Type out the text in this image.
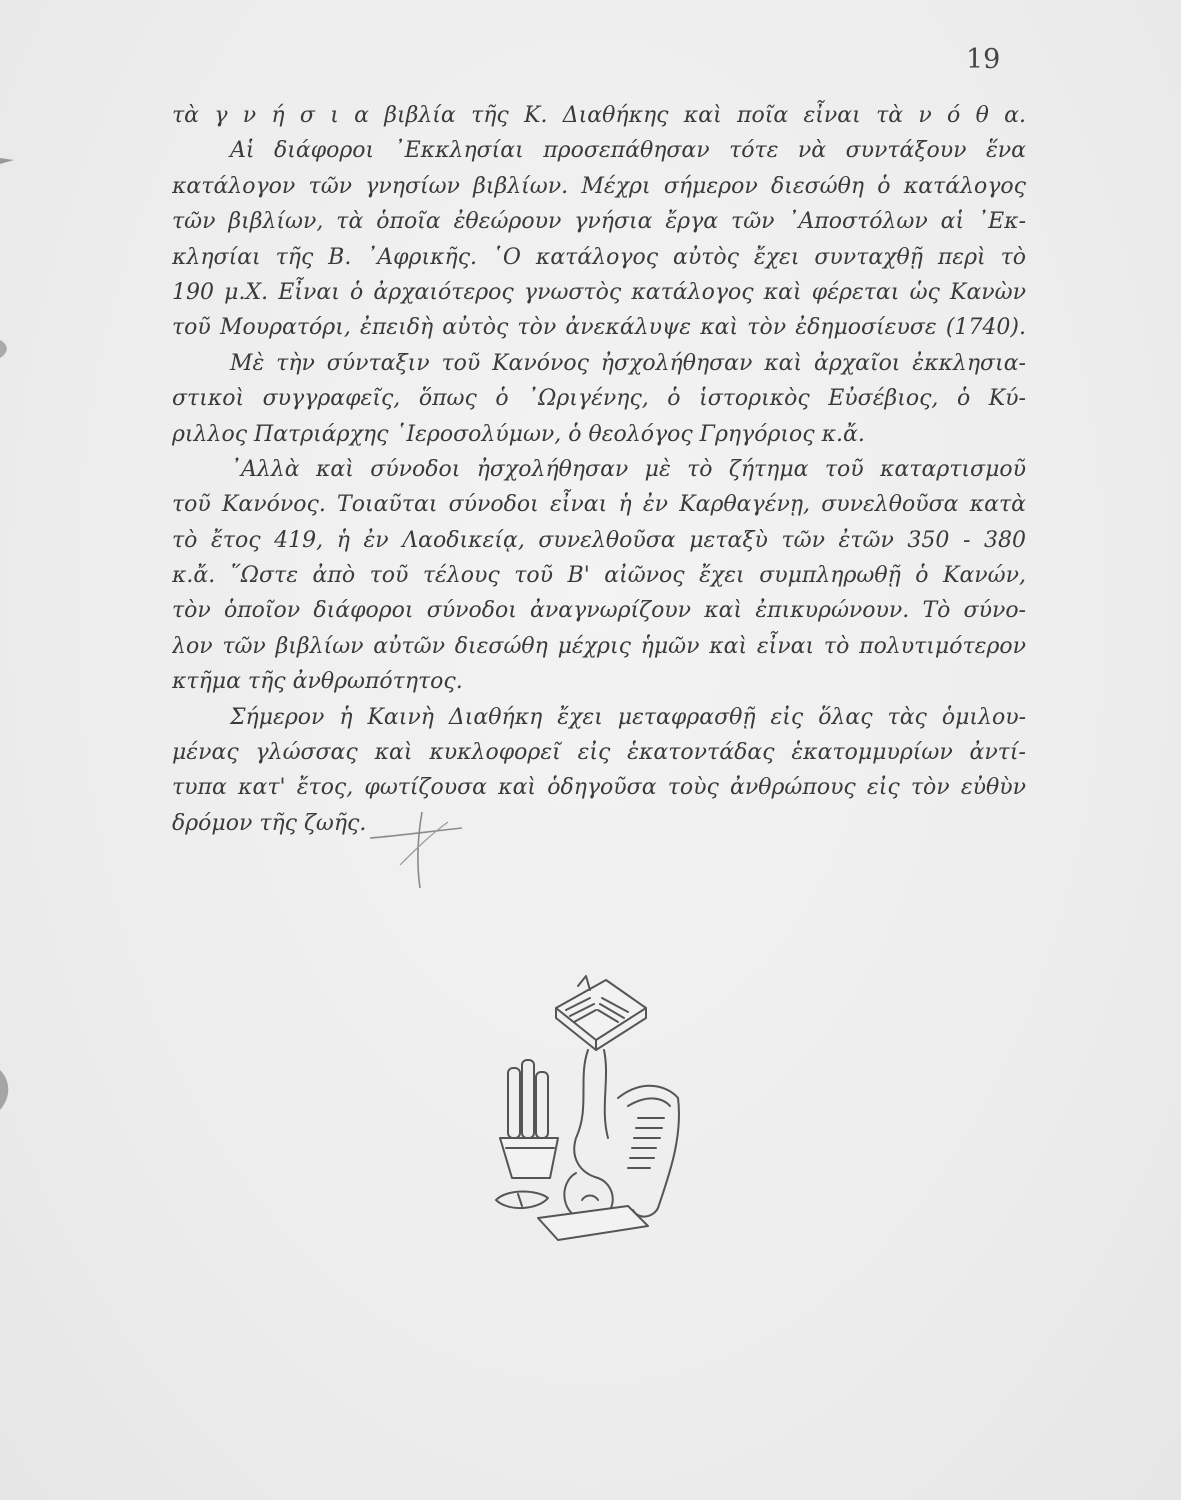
19
τὰ γ ν ή σ ι α βιβλία τῆς Κ. Διαθήκης καὶ ποῖα εἶναι τὰ ν ό θ α.
Αἱ διάφοροι ᾿Εκκλησίαι προσεπάθησαν τότε νὰ συντάξουν ἕνα
κατάλογον τῶν γνησίων βιβλίων. Μέχρι σήμερον διεσώθη ὁ κατάλογος
τῶν βιβλίων, τὰ ὁποῖα ἐθεώρουν γνήσια ἔργα τῶν ᾿Αποστόλων αἱ ᾿Εκ-
κλησίαι τῆς Β. ᾿Αφρικῆς. ῾Ο κατάλογος αὐτὸς ἔχει συνταχθῇ περὶ τὸ
190 μ.Χ. Εἶναι ὁ ἀρχαιότερος γνωστὸς κατάλογος καὶ φέρεται ὡς Κανὼν
τοῦ Μουρατόρι, ἐπειδὴ αὐτὸς τὸν ἀνεκάλυψε καὶ τὸν ἐδημοσίευσε (1740).
Μὲ τὴν σύνταξιν τοῦ Κανόνος ἠσχολήθησαν καὶ ἀρχαῖοι ἐκκλησια-
στικοὶ συγγραφεῖς, ὅπως ὁ ᾿Ωριγένης, ὁ ἱστορικὸς Εὐσέβιος, ὁ Κύ-
ριλλος Πατριάρχης ῾Ιεροσολύμων, ὁ θεολόγος Γρηγόριος κ.ἄ.
᾿Αλλὰ καὶ σύνοδοι ἠσχολήθησαν μὲ τὸ ζήτημα τοῦ καταρτισμοῦ
τοῦ Κανόνος. Τοιαῦται σύνοδοι εἶναι ἡ ἐν Καρθαγένῃ, συνελθοῦσα κατὰ
τὸ ἔτος 419, ἡ ἐν Λαοδικείᾳ, συνελθοῦσα μεταξὺ τῶν ἐτῶν 350 - 380
κ.ἄ. ῞Ωστε ἀπὸ τοῦ τέλους τοῦ Β' αἰῶνος ἔχει συμπληρωθῇ ὁ Κανών,
τὸν ὁποῖον διάφοροι σύνοδοι ἀναγνωρίζουν καὶ ἐπικυρώνουν. Τὸ σύνο-
λον τῶν βιβλίων αὐτῶν διεσώθη μέχρις ἡμῶν καὶ εἶναι τὸ πολυτιμότερον
κτῆμα τῆς ἀνθρωπότητος.
Σήμερον ἡ Καινὴ Διαθήκη ἔχει μεταφρασθῇ εἰς ὅλας τὰς ὁμιλου-
μένας γλώσσας καὶ κυκλοφορεῖ εἰς ἑκατοντάδας ἑκατομμυρίων ἀντί-
τυπα κατ' ἔτος, φωτίζουσα καὶ ὁδηγοῦσα τοὺς ἀνθρώπους εἰς τὸν εὐθὺν
δρόμον τῆς ζωῆς.
